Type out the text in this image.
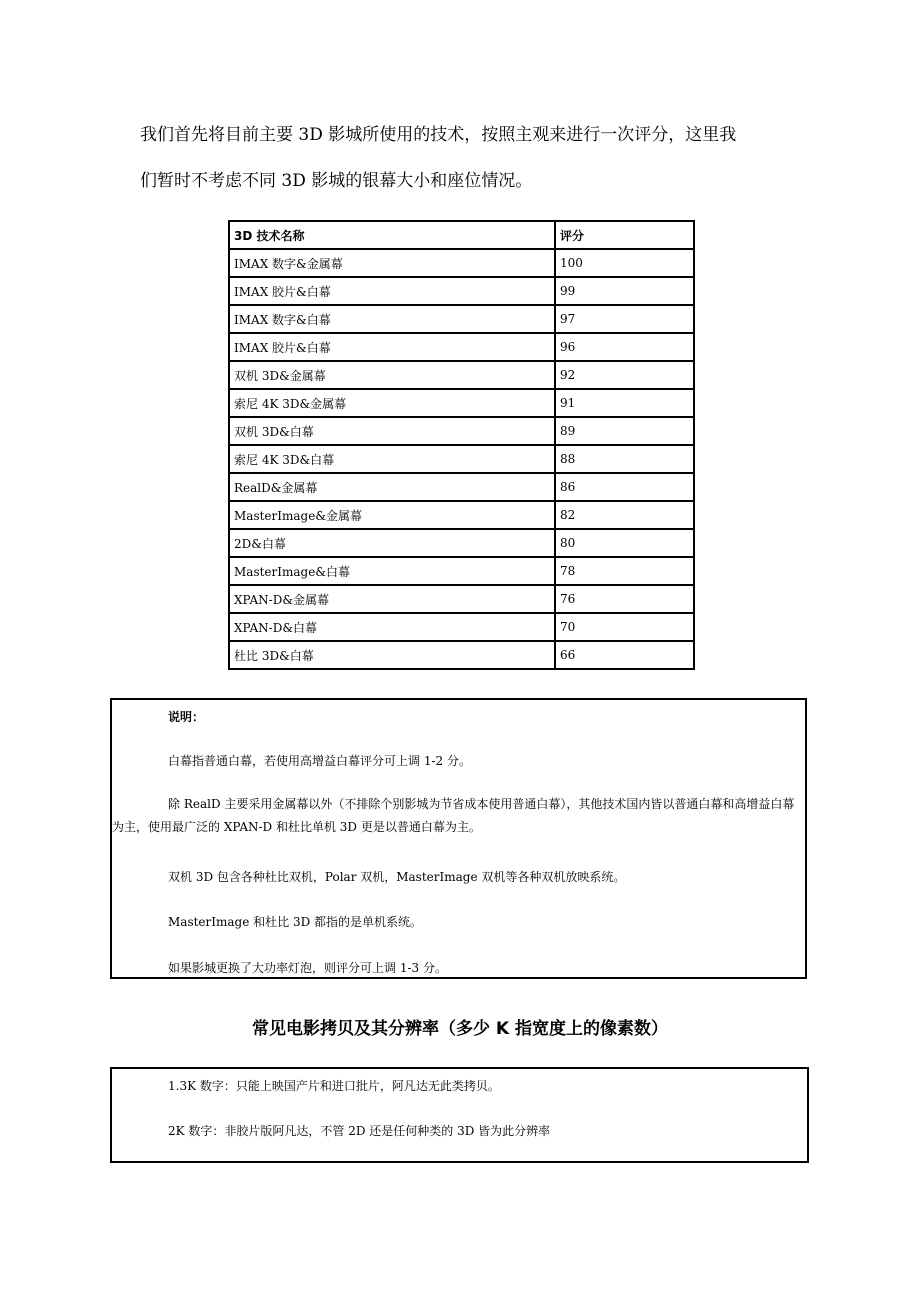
我们首先将目前主要 3D 影城所使用的技术，按照主观来进行一次评分，这里我
们暂时不考虑不同 3D 影城的银幕大小和座位情况。
3D 技术名称	评分
IMAX 数字&金属幕	100
IMAX 胶片&白幕	99
IMAX 数字&白幕	97
IMAX 胶片&白幕	96
双机 3D&金属幕	92
索尼 4K 3D&金属幕	91
双机 3D&白幕	89
索尼 4K 3D&白幕	88
RealD&金属幕	86
MasterImage&金属幕	82
2D&白幕	80
MasterImage&白幕	78
XPAN-D&金属幕	76
XPAN-D&白幕	70
杜比 3D&白幕	66
说明：

白幕指普通白幕，若使用高增益白幕评分可上调 1-2 分。

除 RealD 主要采用金属幕以外（不排除个别影城为节省成本使用普通白幕），其他技术国内皆以普通白幕和高增益白幕为主，使用最广泛的 XPAN-D 和杜比单机 3D 更是以普通白幕为主。

双机 3D 包含各种杜比双机，Polar 双机，MasterImage 双机等各种双机放映系统。

MasterImage 和杜比 3D 都指的是单机系统。

如果影城更换了大功率灯泡，则评分可上调 1-3 分。

常见电影拷贝及其分辨率（多少 K 指宽度上的像素数）

1.3K 数字：只能上映国产片和进口批片，阿凡达无此类拷贝。

2K 数字：非胶片版阿凡达，不管 2D 还是任何种类的 3D 皆为此分辨率
